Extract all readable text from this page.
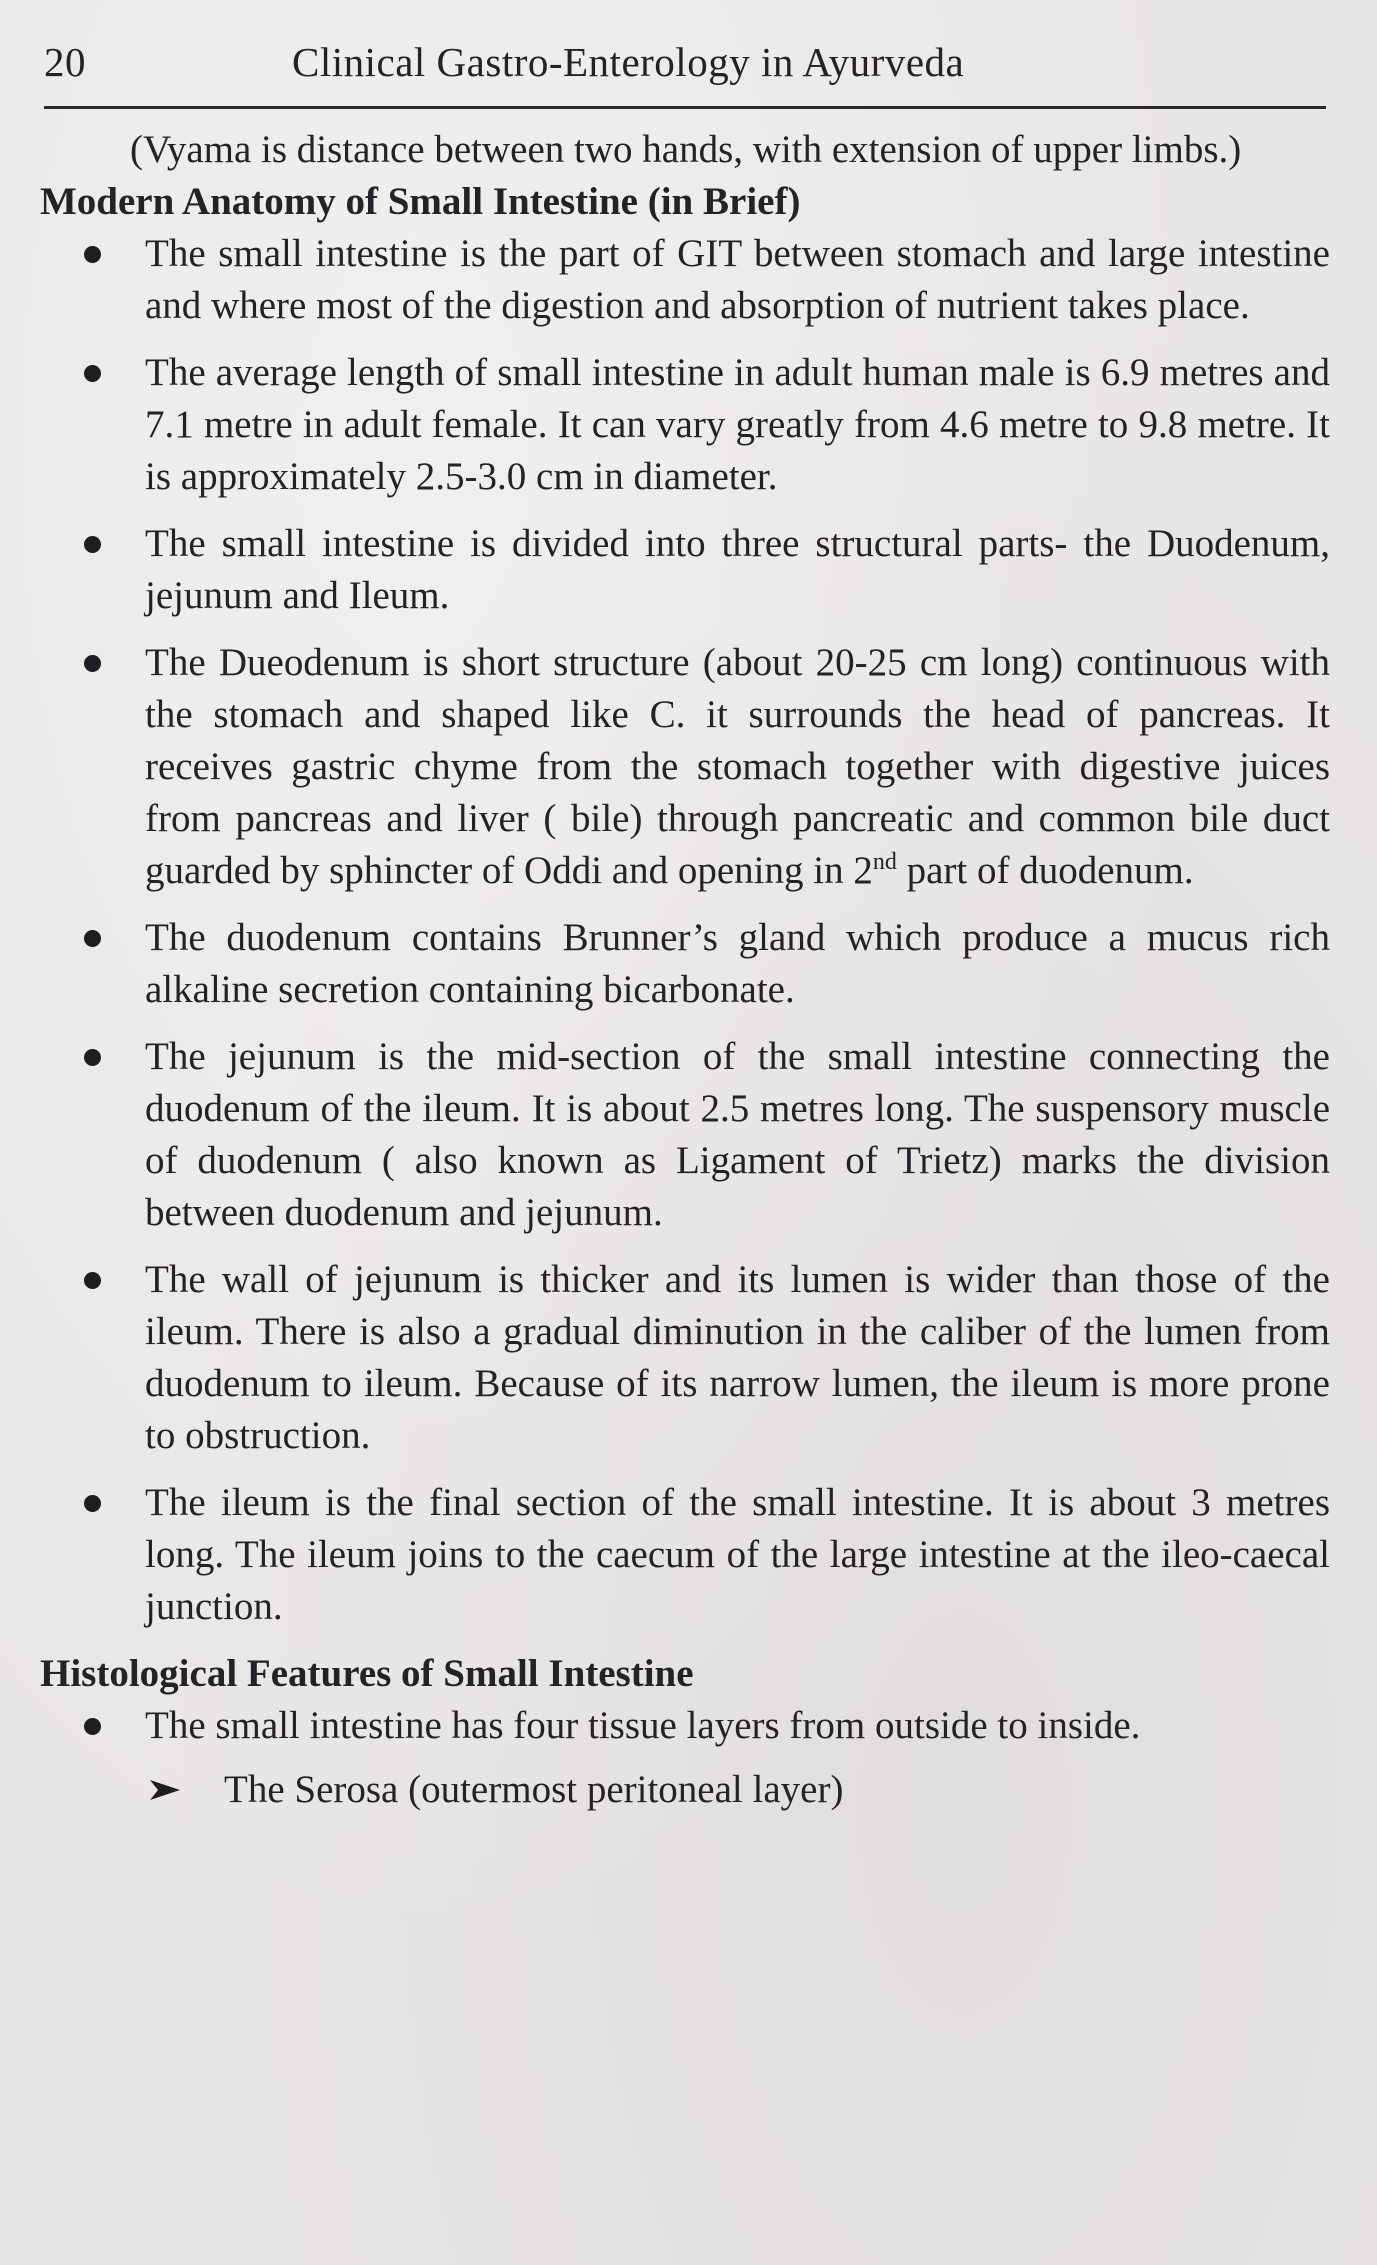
20	Clinical Gastro-Enterology in Ayurveda

(Vyama is distance between two hands, with extension of upper limbs.)

Modern Anatomy of Small Intestine (in Brief)

The small intestine is the part of GIT between stomach and large intestine and where most of the digestion and absorption of nutrient takes place.
The average length of small intestine in adult human male is 6.9 metres and 7.1 metre in adult female. It can vary greatly from 4.6 metre to 9.8 metre. It is approximately 2.5-3.0 cm in diameter.
The small intestine is divided into three structural parts- the Duodenum, jejunum and Ileum.
The Dueodenum is short structure (about 20-25 cm long) continuous with the stomach and shaped like C. it surrounds the head of pancreas. It receives gastric chyme from the stomach together with digestive juices from pancreas and liver ( bile) through pancreatic and common bile duct guarded by sphincter of Oddi and opening in 2nd part of duodenum.
The duodenum contains Brunner’s gland which produce a mucus rich alkaline secretion containing bicarbonate.
The jejunum is the mid-section of the small intestine connecting the duodenum of the ileum. It is about 2.5 metres long. The suspensory muscle of duodenum ( also known as Ligament of Trietz) marks the division between duodenum and jejunum.
The wall of jejunum is thicker and its lumen is wider than those of the ileum. There is also a gradual diminution in the caliber of the lumen from duodenum to ileum. Because of its narrow lumen, the ileum is more prone to obstruction.
The ileum is the final section of the small intestine. It is about 3 metres long. The ileum joins to the caecum of the large intestine at the ileo-caecal junction.

Histological Features of Small Intestine

The small intestine has four tissue layers from outside to inside.
The Serosa (outermost peritoneal layer)
